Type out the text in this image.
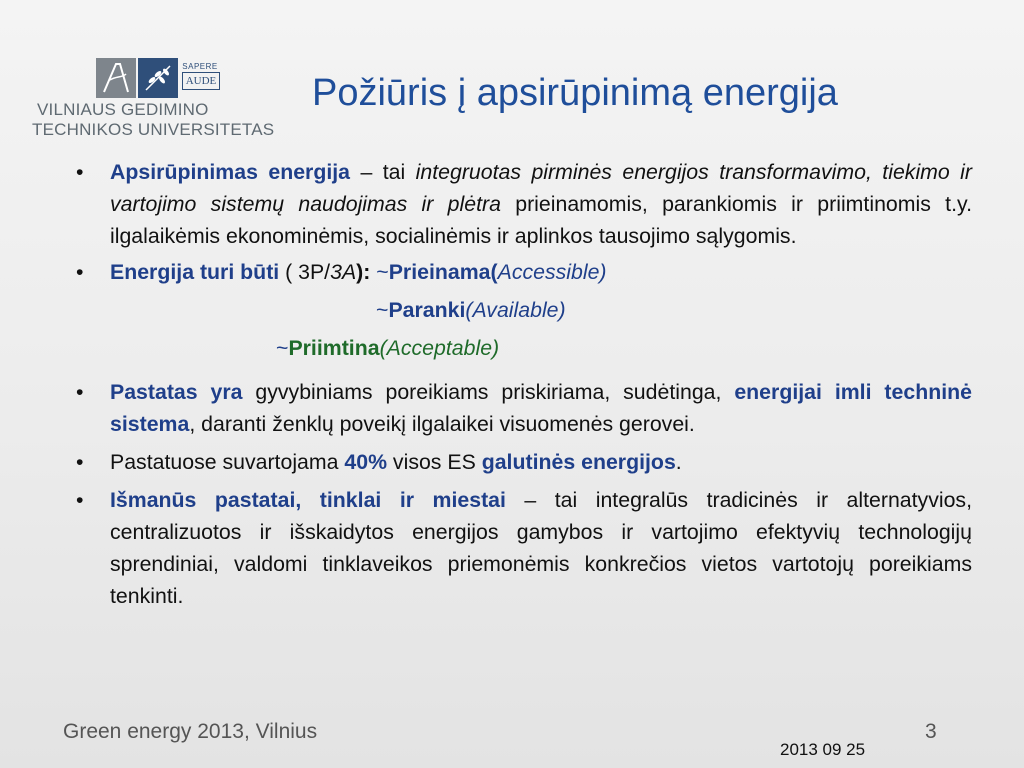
SAPERE
AUDE
VILNIAUS GEDIMINO
TECHNIKOS UNIVERSITETAS
Požiūris į apsirūpinimą energija
• Apsirūpinimas energija – tai integruotas pirminės energijos transformavimo, tiekimo ir vartojimo sistemų naudojimas ir plėtra prieinamomis, parankiomis ir priimtinomis t.y. ilgalaikėmis ekonominėmis, socialinėmis ir aplinkos tausojimo sąlygomis.
• Energija turi būti ( 3P/3A): ~Prieinama(Accessible)
~Paranki(Available)
~Priimtina(Acceptable)
• Pastatas yra gyvybiniams poreikiams priskiriama, sudėtinga, energijai imli techninė sistema, daranti ženklų poveikį ilgalaikei visuomenės gerovei.
• Pastatuose suvartojama 40% visos ES galutinės energijos.
• Išmanūs pastatai, tinklai ir miestai – tai integralūs tradicinės ir alternatyvios, centralizuotos ir išskaidytos energijos gamybos ir vartojimo efektyvių technologijų sprendiniai, valdomi tinklaveikos priemonėmis konkrečios vietos vartotojų poreikiams tenkinti.
Green energy 2013, Vilnius	3
2013 09 25
